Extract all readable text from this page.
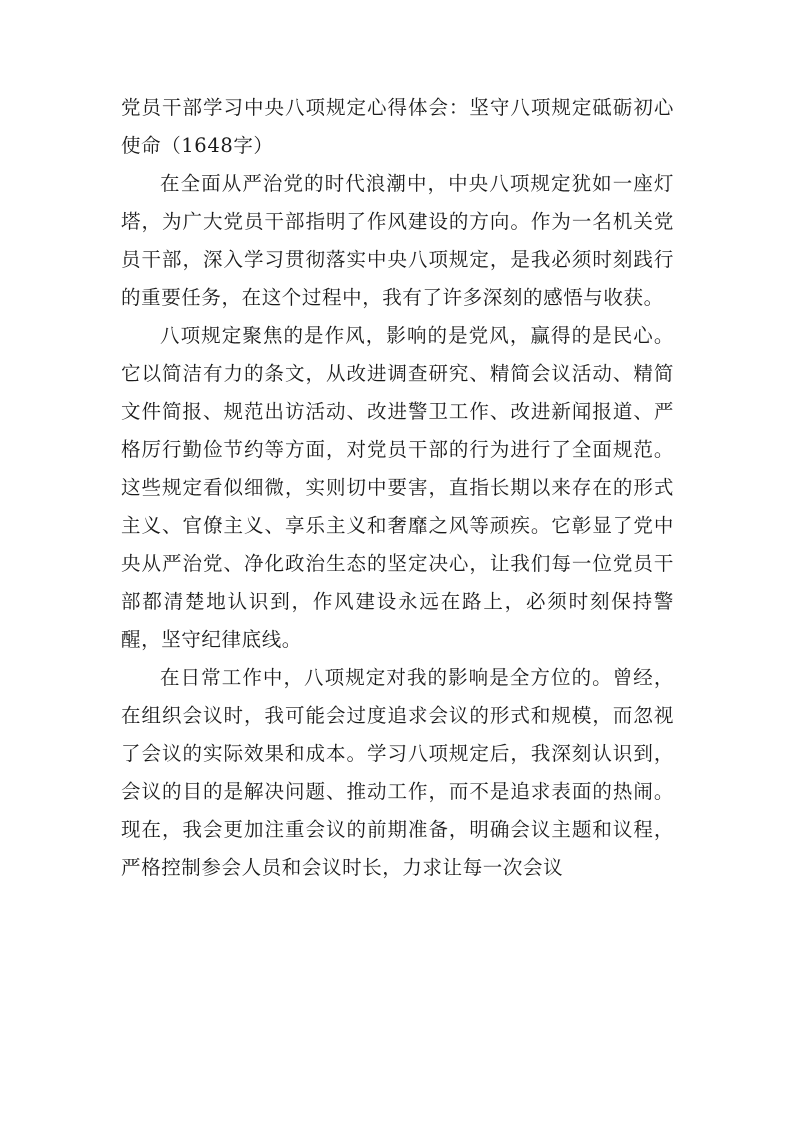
党员干部学习中央八项规定心得体会：坚守八项规定砥砺初心使命（1648字）

在全面从严治党的时代浪潮中，中央八项规定犹如一座灯塔，为广大党员干部指明了作风建设的方向。作为一名机关党员干部，深入学习贯彻落实中央八项规定，是我必须时刻践行的重要任务，在这个过程中，我有了许多深刻的感悟与收获。

八项规定聚焦的是作风，影响的是党风，赢得的是民心。它以简洁有力的条文，从改进调查研究、精简会议活动、精简文件简报、规范出访活动、改进警卫工作、改进新闻报道、严格厉行勤俭节约等方面，对党员干部的行为进行了全面规范。这些规定看似细微，实则切中要害，直指长期以来存在的形式主义、官僚主义、享乐主义和奢靡之风等顽疾。它彰显了党中央从严治党、净化政治生态的坚定决心，让我们每一位党员干部都清楚地认识到，作风建设永远在路上，必须时刻保持警醒，坚守纪律底线。

在日常工作中，八项规定对我的影响是全方位的。曾经，在组织会议时，我可能会过度追求会议的形式和规模，而忽视了会议的实际效果和成本。学习八项规定后，我深刻认识到，会议的目的是解决问题、推动工作，而不是追求表面的热闹。现在，我会更加注重会议的前期准备，明确会议主题和议程，严格控制参会人员和会议时长，力求让每一次会议
